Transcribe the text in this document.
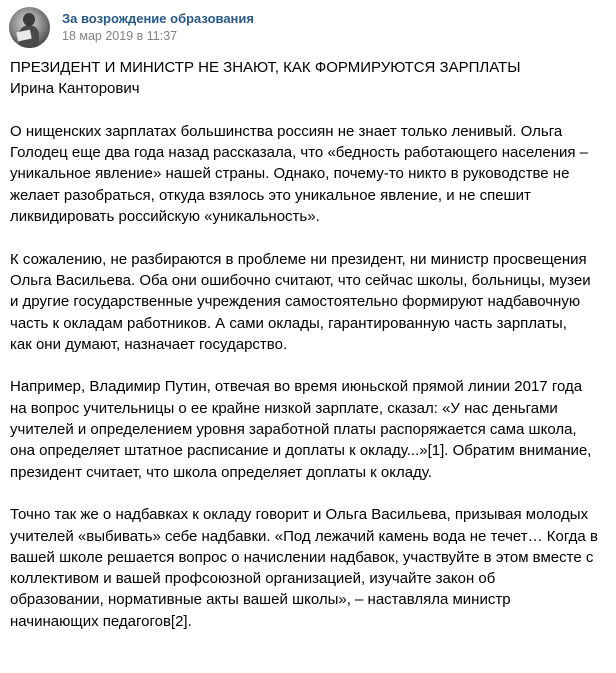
За возрождение образования
18 мар 2019 в 11:37
ПРЕЗИДЕНТ И МИНИСТР НЕ ЗНАЮТ, КАК ФОРМИРУЮТСЯ ЗАРПЛАТЫ
Ирина Канторович
О нищенских зарплатах большинства россиян не знает только ленивый. Ольга
Голодец еще два года назад рассказала, что «бедность работающего населения –
уникальное явление» нашей страны. Однако, почему-то никто в руководстве не
желает разобраться, откуда взялось это уникальное явление, и не спешит
ликвидировать российскую «уникальность».
К сожалению, не разбираются в проблеме ни президент, ни министр просвещения
Ольга Васильева. Оба они ошибочно считают, что сейчас школы, больницы, музеи
и другие государственные учреждения самостоятельно формируют надбавочную
часть к окладам работников. А сами оклады, гарантированную часть зарплаты,
как они думают, назначает государство.
Например, Владимир Путин, отвечая во время июньской прямой линии 2017 года
на вопрос учительницы о ее крайне низкой зарплате, сказал: «У нас деньгами
учителей и определением уровня заработной платы распоряжается сама школа,
она определяет штатное расписание и доплаты к окладу...»[1]. Обратим внимание,
президент считает, что школа определяет доплаты к окладу.
Точно так же о надбавках к окладу говорит и Ольга Васильева, призывая молодых
учителей «выбивать» себе надбавки. «Под лежачий камень вода не течет… Когда в
вашей школе решается вопрос о начислении надбавок, участвуйте в этом вместе с
коллективом и вашей профсоюзной организацией, изучайте закон об
образовании, нормативные акты вашей школы», – наставляла министр
начинающих педагогов[2].
